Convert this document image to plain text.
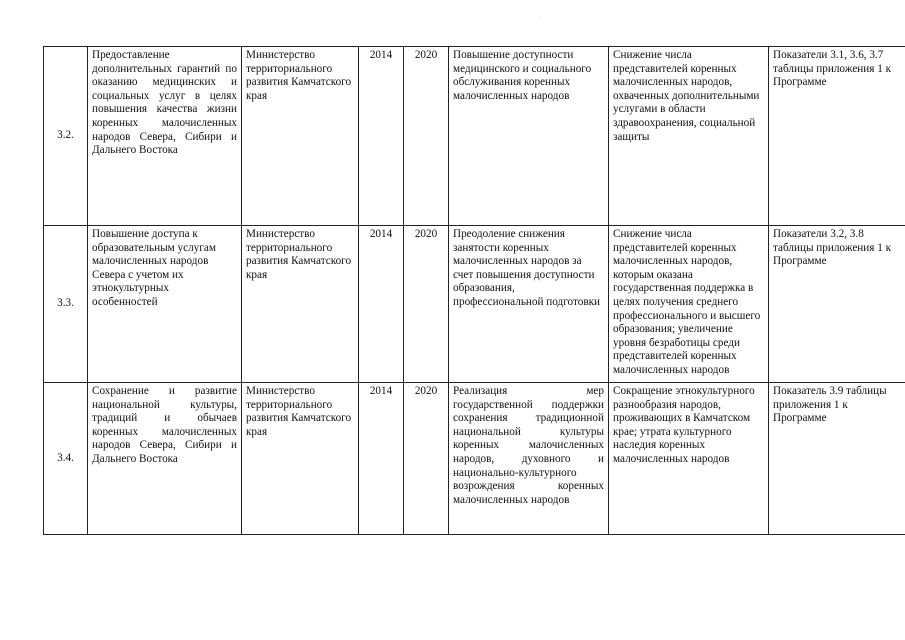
.
3.2.	Предоставление дополнительных гарантий по оказанию медицинских и социальных услуг в целях повышения качества жизни коренных малочисленных народов Севера, Сибири и Дальнего Востока	Министерство территориального развития Камчатского края	2014	2020	Повышение доступности медицинского и социального обслуживания коренных малочисленных народов	Снижение числа представителей коренных малочисленных народов, охваченных дополнительными услугами в области здравоохранения, социальной защиты	Показатели 3.1, 3.6, 3.7 таблицы приложения 1 к Программе
3.3.	Повышение доступа к образовательным услугам малочисленных народов Севера с учетом их этнокультурных особенностей	Министерство территориального развития Камчатского края	2014	2020	Преодоление снижения занятости коренных малочисленных народов за счет повышения доступности образования, профессиональной подготовки	Снижение числа представителей коренных малочисленных народов, которым оказана государственная поддержка в целях получения среднего профессионального и высшего образования; увеличение уровня безработицы среди представителей коренных малочисленных народов	Показатели 3.2, 3.8 таблицы приложения 1 к Программе
3.4.	Сохранение и развитие национальной культуры, традиций и обычаев коренных малочисленных народов Севера, Сибири и Дальнего Востока	Министерство территориального развития Камчатского края	2014	2020	Реализация мер государственной поддержки сохранения традиционной национальной культуры коренных малочисленных народов, духовного и национально-культурного возрождения коренных малочисленных народов	Сокращение этнокультурного разнообразия народов, проживающих в Камчатском крае; утрата культурного наследия коренных малочисленных народов	Показатель 3.9 таблицы приложения 1 к Программе
